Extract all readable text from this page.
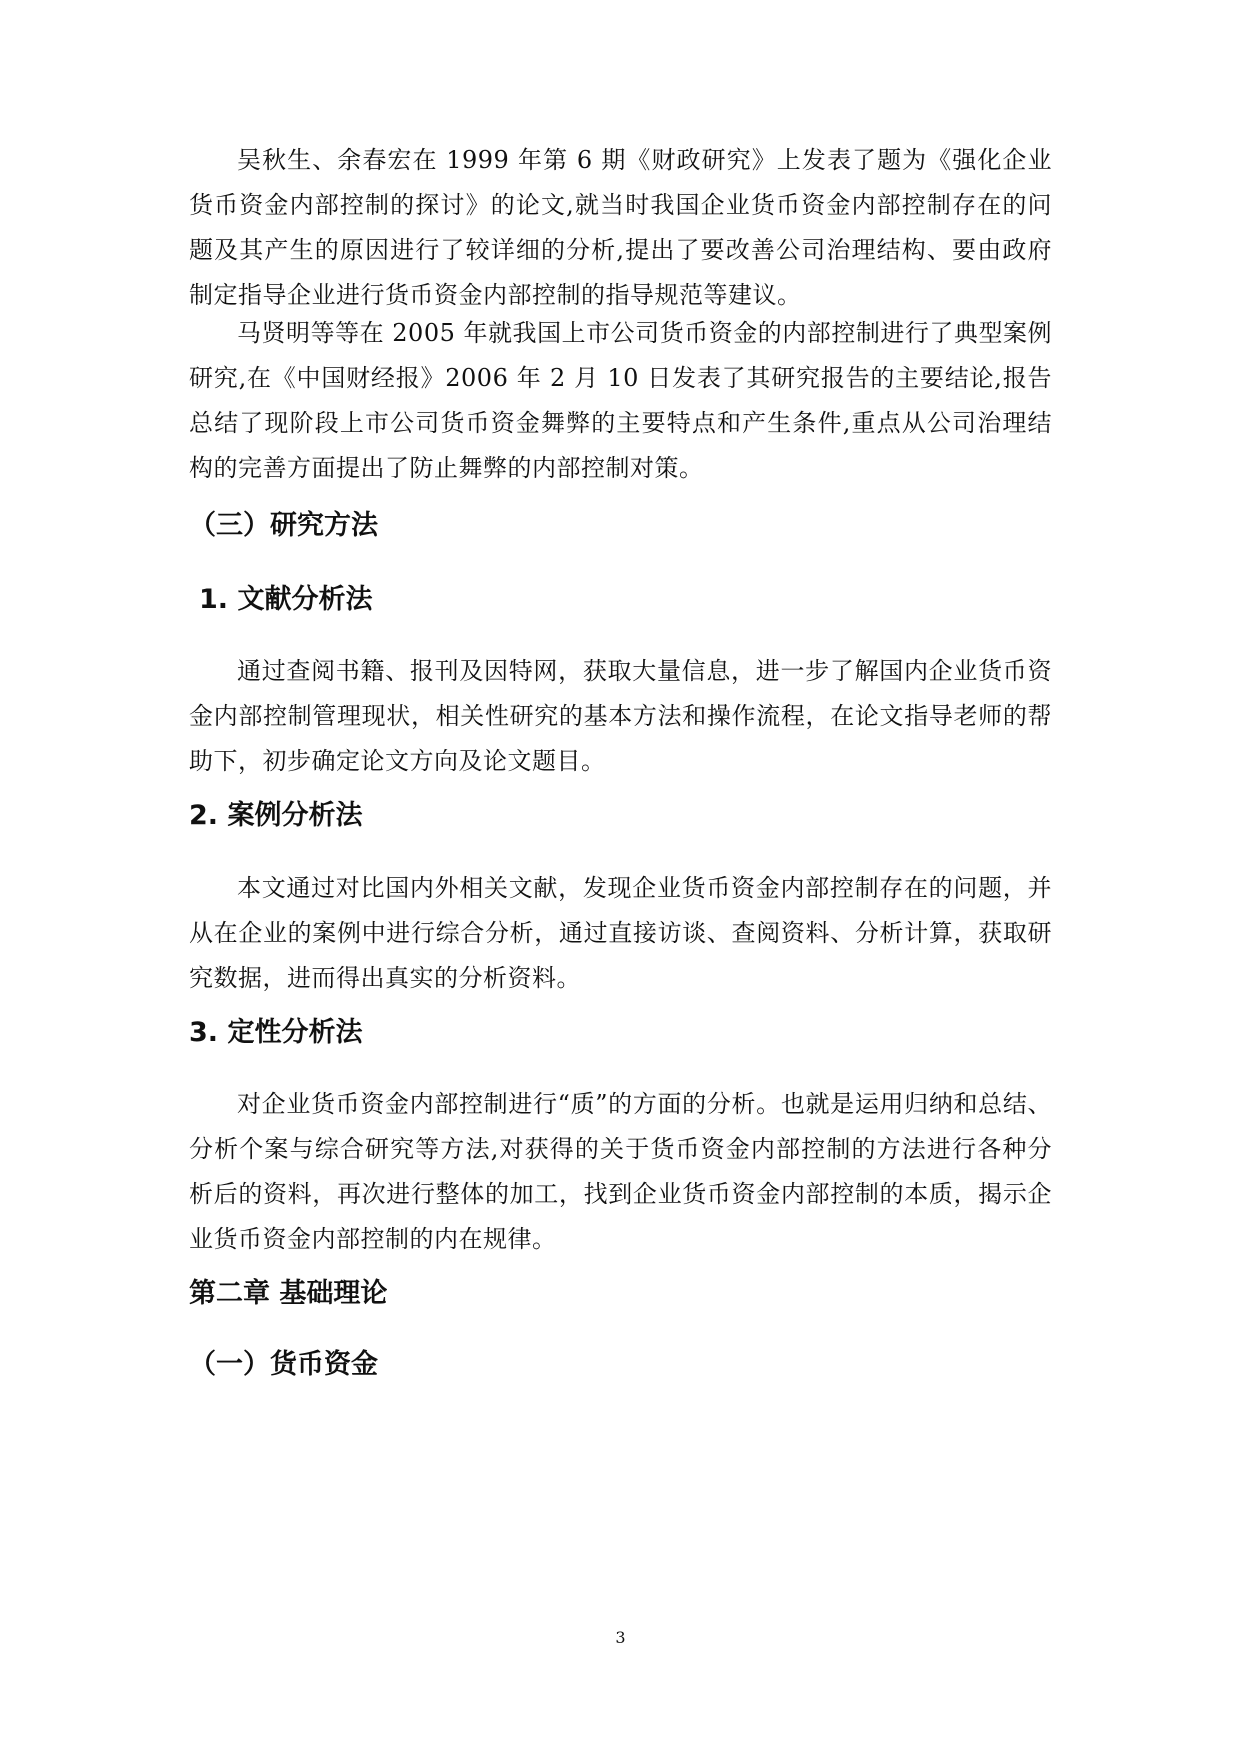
吴秋生、余春宏在 1999 年第 6 期《财政研究》上发表了题为《强化企业货币资金内部控制的探讨》的论文,就当时我国企业货币资金内部控制存在的问题及其产生的原因进行了较详细的分析,提出了要改善公司治理结构、要由政府制定指导企业进行货币资金内部控制的指导规范等建议。

马贤明等等在 2005 年就我国上市公司货币资金的内部控制进行了典型案例研究,在《中国财经报》2006 年 2 月 10 日发表了其研究报告的主要结论,报告总结了现阶段上市公司货币资金舞弊的主要特点和产生条件,重点从公司治理结构的完善方面提出了防止舞弊的内部控制对策。

（三）研究方法
1. 文献分析法

通过查阅书籍、报刊及因特网，获取大量信息，进一步了解国内企业货币资金内部控制管理现状，相关性研究的基本方法和操作流程，在论文指导老师的帮助下，初步确定论文方向及论文题目。

2. 案例分析法

本文通过对比国内外相关文献，发现企业货币资金内部控制存在的问题，并从在企业的案例中进行综合分析，通过直接访谈、查阅资料、分析计算，获取研究数据，进而得出真实的分析资料。

3. 定性分析法

对企业货币资金内部控制进行“质”的方面的分析。也就是运用归纳和总结、分析个案与综合研究等方法,对获得的关于货币资金内部控制的方法进行各种分析后的资料，再次进行整体的加工，找到企业货币资金内部控制的本质，揭示企业货币资金内部控制的内在规律。

第二章 基础理论
（一）货币资金
3
